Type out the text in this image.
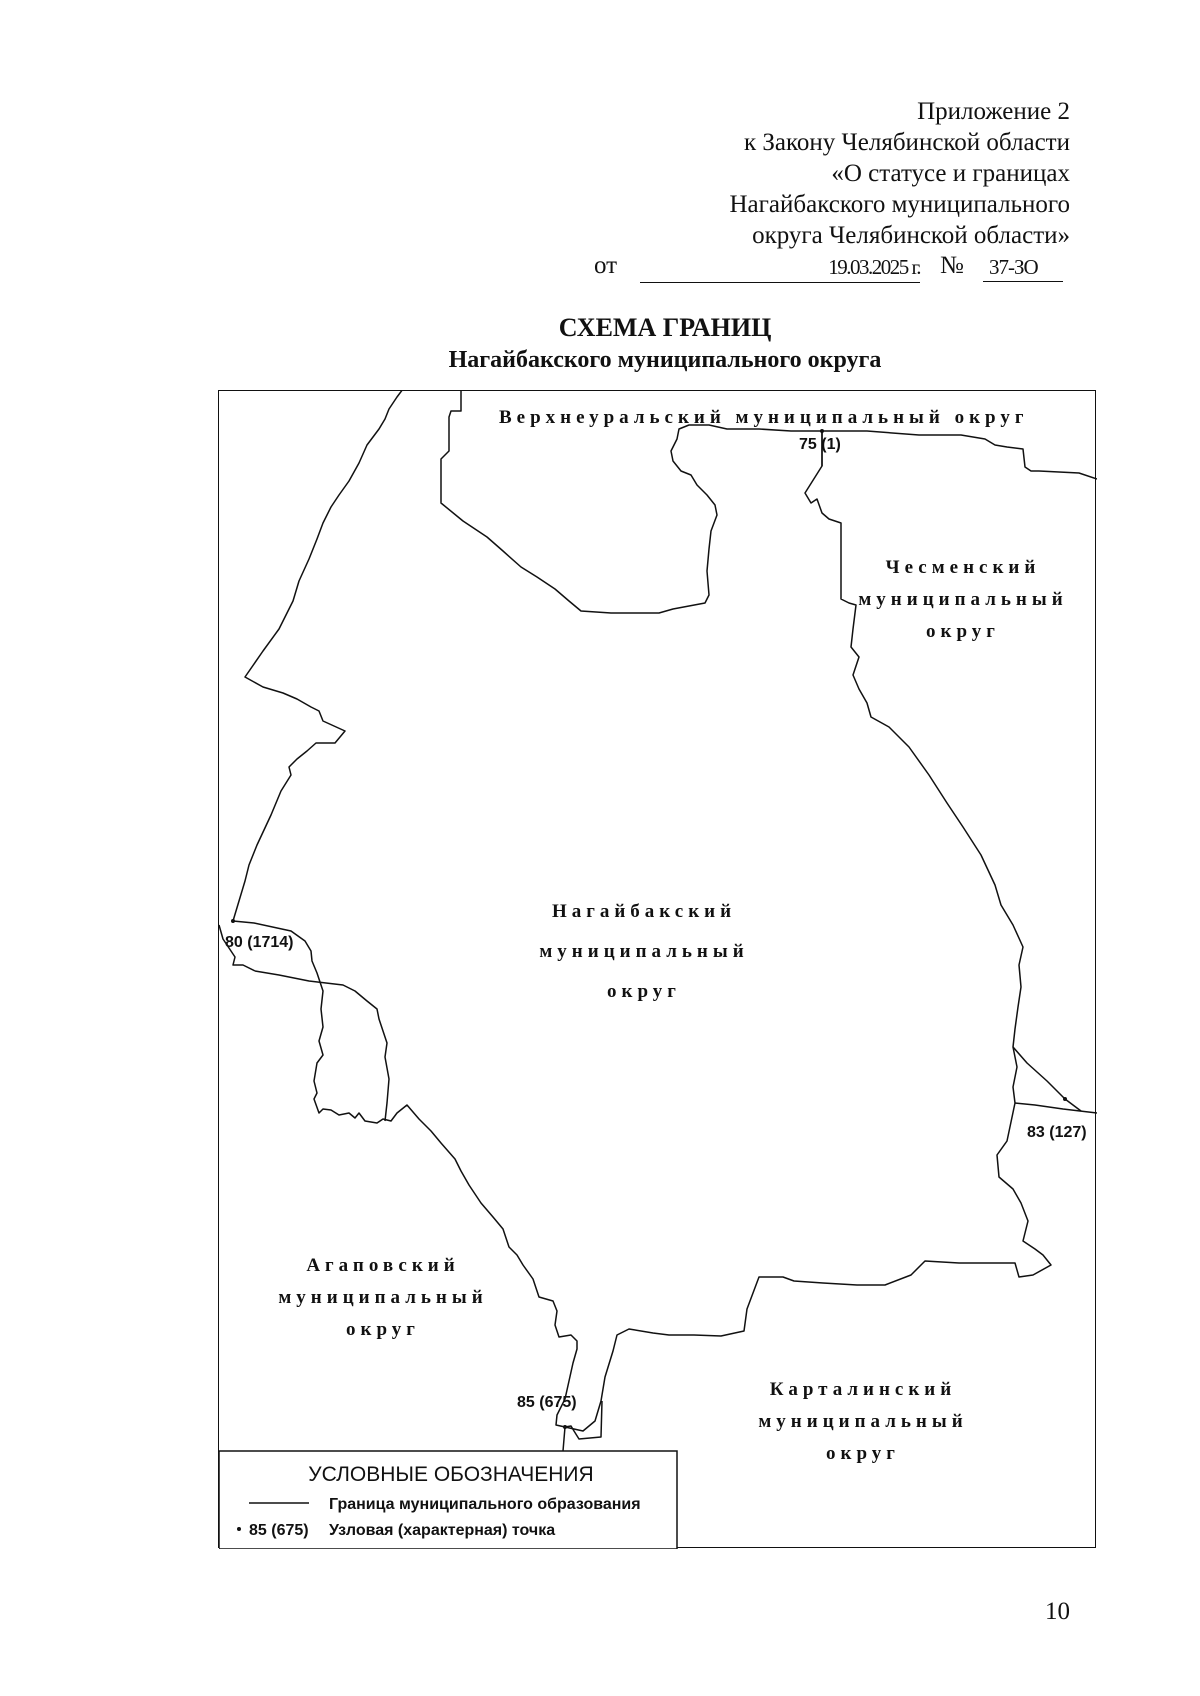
Приложение 2
к Закону Челябинской области
«О статусе и границах
Нагайбакского муниципального
округа Челябинской области»
от	19.03.2025 г. № 37-ЗО
СХЕМА ГРАНИЦ
Нагайбакского муниципального округа
Верхнеуральский муниципальный округ
Чесменский
муниципальный
округ
Нагайбакский
муниципальный
округ
Агаповский
муниципальный
округ
Карталинский
муниципальный
округ
75 (1)
80 (1714)
83 (127)
85 (675)
УСЛОВНЫЕ ОБОЗНАЧЕНИЯ
Граница муниципального образования
85 (675) Узловая (характерная) точка
10
